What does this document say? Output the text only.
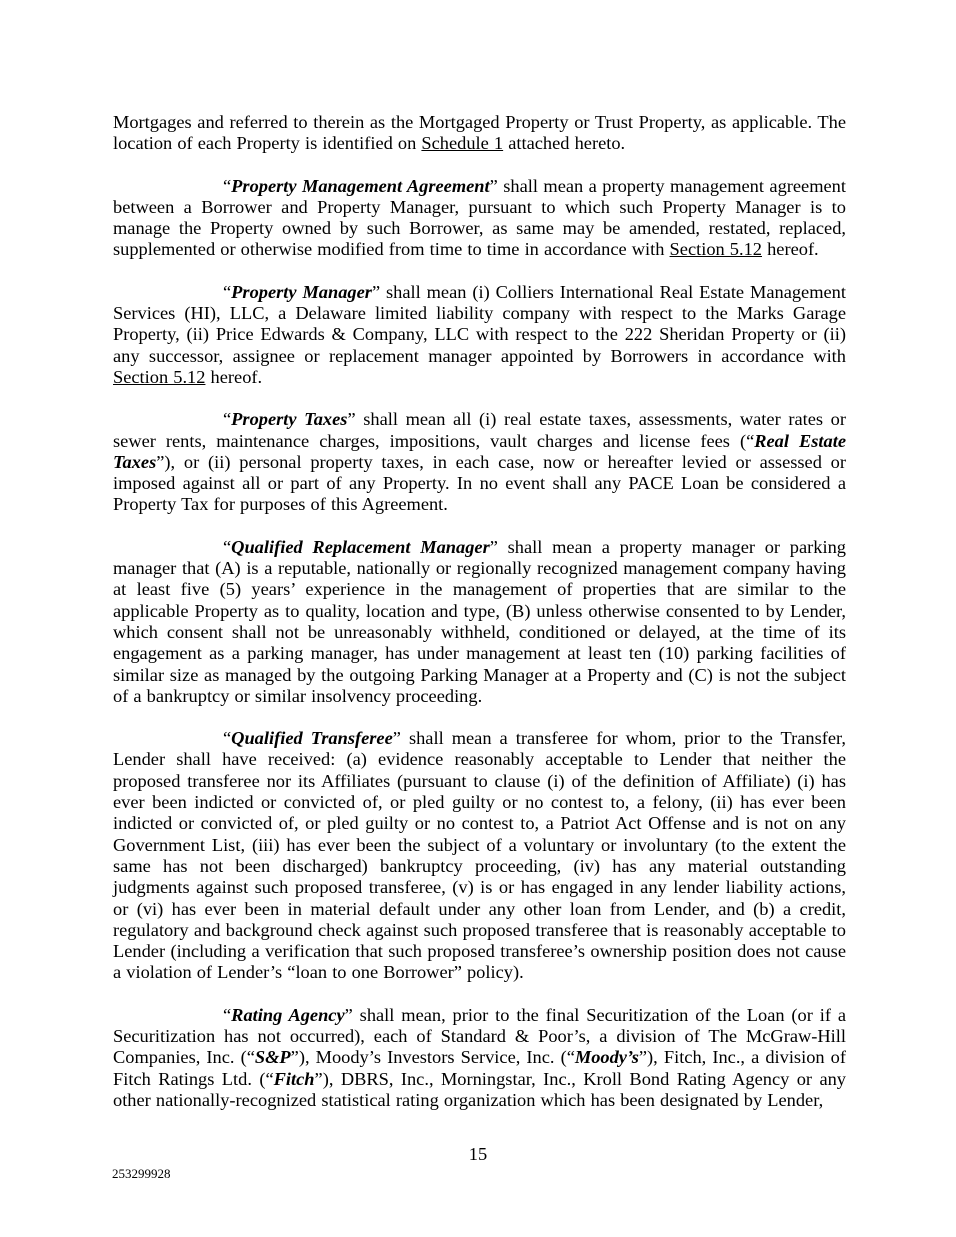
Mortgages and referred to therein as the Mortgaged Property or Trust Property, as applicable. The location of each Property is identified on Schedule 1 attached hereto.

“Property Management Agreement” shall mean a property management agreement between a Borrower and Property Manager, pursuant to which such Property Manager is to manage the Property owned by such Borrower, as same may be amended, restated, replaced, supplemented or otherwise modified from time to time in accordance with Section 5.12 hereof.

“Property Manager” shall mean (i) Colliers International Real Estate Management Services (HI), LLC, a Delaware limited liability company with respect to the Marks Garage Property, (ii) Price Edwards & Company, LLC with respect to the 222 Sheridan Property or (ii) any successor, assignee or replacement manager appointed by Borrowers in accordance with Section 5.12 hereof.

“Property Taxes” shall mean all (i) real estate taxes, assessments, water rates or sewer rents, maintenance charges, impositions, vault charges and license fees (“Real Estate Taxes”), or (ii) personal property taxes, in each case, now or hereafter levied or assessed or imposed against all or part of any Property. In no event shall any PACE Loan be considered a Property Tax for purposes of this Agreement.

“Qualified Replacement Manager” shall mean a property manager or parking manager that (A) is a reputable, nationally or regionally recognized management company having at least five (5) years’ experience in the management of properties that are similar to the applicable Property as to quality, location and type, (B) unless otherwise consented to by Lender, which consent shall not be unreasonably withheld, conditioned or delayed, at the time of its engagement as a parking manager, has under management at least ten (10) parking facilities of similar size as managed by the outgoing Parking Manager at a Property and (C) is not the subject of a bankruptcy or similar insolvency proceeding.

“Qualified Transferee” shall mean a transferee for whom, prior to the Transfer, Lender shall have received: (a) evidence reasonably acceptable to Lender that neither the proposed transferee nor its Affiliates (pursuant to clause (i) of the definition of Affiliate) (i) has ever been indicted or convicted of, or pled guilty or no contest to, a felony, (ii) has ever been indicted or convicted of, or pled guilty or no contest to, a Patriot Act Offense and is not on any Government List, (iii) has ever been the subject of a voluntary or involuntary (to the extent the same has not been discharged) bankruptcy proceeding, (iv) has any material outstanding judgments against such proposed transferee, (v) is or has engaged in any lender liability actions, or (vi) has ever been in material default under any other loan from Lender, and (b) a credit, regulatory and background check against such proposed transferee that is reasonably acceptable to Lender (including a verification that such proposed transferee’s ownership position does not cause a violation of Lender’s “loan to one Borrower” policy).

“Rating Agency” shall mean, prior to the final Securitization of the Loan (or if a Securitization has not occurred), each of Standard & Poor’s, a division of The McGraw-Hill Companies, Inc. (“S&P”), Moody’s Investors Service, Inc. (“Moody’s”), Fitch, Inc., a division of Fitch Ratings Ltd. (“Fitch”), DBRS, Inc., Morningstar, Inc., Kroll Bond Rating Agency or any other nationally-recognized statistical rating organization which has been designated by Lender,

15
253299928
